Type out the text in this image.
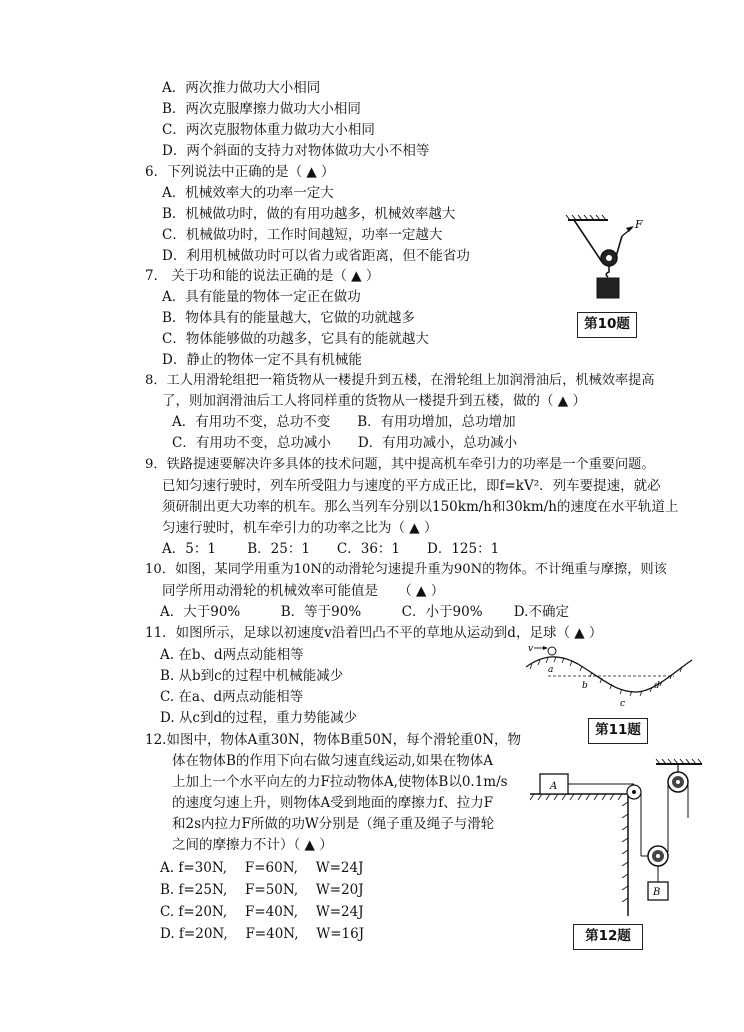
A．两次推力做功大小相同
B．两次克服摩擦力做功大小相同
C．两次克服物体重力做功大小相同
D．两个斜面的支持力对物体做功大小不相等
6．下列说法中正确的是（ ▲ ）
A．机械效率大的功率一定大
B．机械做功时，做的有用功越多，机械效率越大
C．机械做功时，工作时间越短，功率一定越大
D．利用机械做功时可以省力或省距离，但不能省功
7． 关于功和能的说法正确的是（ ▲ ）
A．具有能量的物体一定正在做功
B．物体具有的能量越大，它做的功就越多
C．物体能够做的功越多，它具有的能就越大
D．静止的物体一定不具有机械能
8．工人用滑轮组把一箱货物从一楼提升到五楼，在滑轮组上加润滑油后，机械效率提高
了，则加润滑油后工人将同样重的货物从一楼提升到五楼，做的（ ▲ ）
A．有用功不变，总功不变　　B．有用功增加，总功增加
C．有用功不变，总功减小　　D．有用功减小，总功减小
9．铁路提速要解决许多具体的技术问题，其中提高机车牵引力的功率是一个重要问题。
已知匀速行驶时，列车所受阻力与速度的平方成正比，即f=kV²．列车要提速，就必
须研制出更大功率的机车。那么当列车分别以150km/h和30km/h的速度在水平轨道上
匀速行驶时，机车牵引力的功率之比为（ ▲ ）
A．5：1　　 B．25：1　　C．36：1　　D．125：1
10．如图，某同学用重为10N的动滑轮匀速提升重为90N的物体。不计绳重与摩擦，则该
同学所用动滑轮的机械效率可能值是　　（ ▲ ）
A．大于90%　　　B．等于90%　　　C．小于90%　　 D.不确定
11．如图所示，足球以初速度v沿着凹凸不平的草地从运动到d，足球（ ▲ ）
A. 在b、d两点动能相等
B. 从b到c的过程中机械能减少
C. 在a、d两点动能相等
D. 从c到d的过程，重力势能减少
12.如图中，物体A重30N，物体B重50N，每个滑轮重0N，物
体在物体B的作用下向右做匀速直线运动,如果在物体A
上加上一个水平向左的力F拉动物体A,使物体B以0.1m/s
的速度匀速上升，则物体A受到地面的摩擦力f、拉力F
和2s内拉力F所做的功W分别是（绳子重及绳子与滑轮
之间的摩擦力不计）（ ▲ ）
A. f=30N,　 F=60N,　 W=24J
B. f=25N,　 F=50N,　 W=20J
C. f=20N,　 F=40N,　 W=24J
D. f=20N,　 F=40N,　 W=16J
F
第10题
v
a
b
c
d
第11题
A
B
第12题
